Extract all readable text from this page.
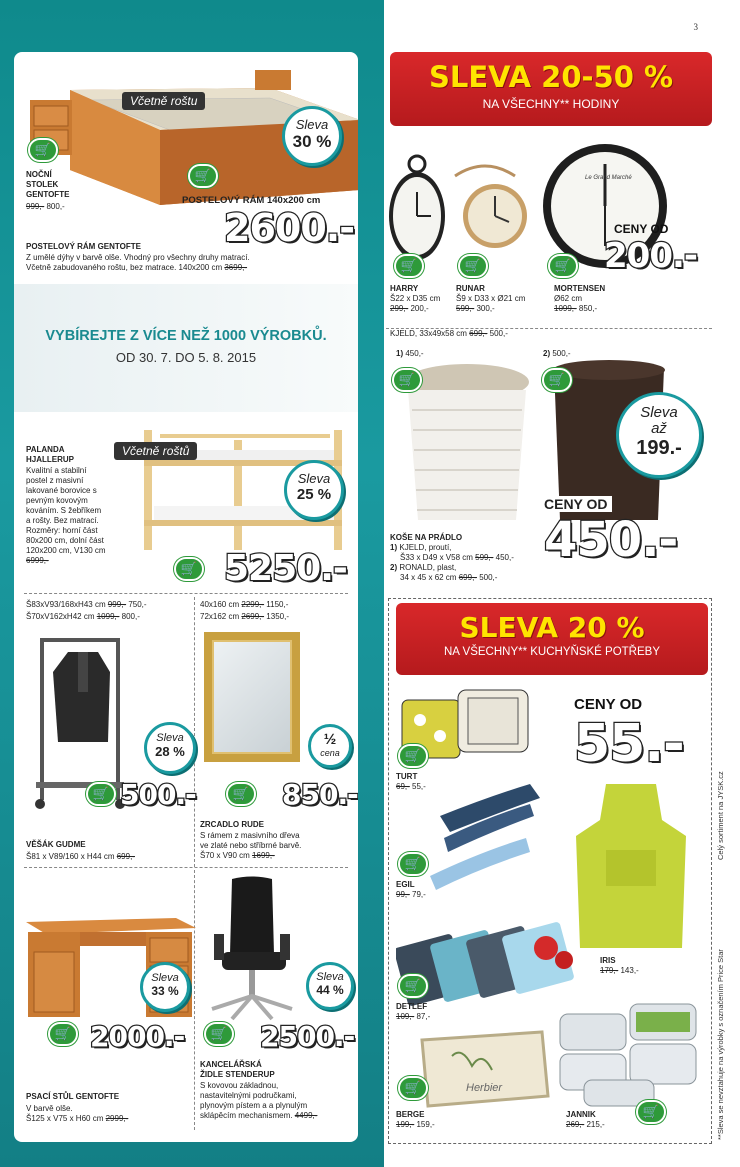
3
Včetně roštu
Sleva
30 %
🛒
🛒
NOČNÍ
STOLEK
GENTOFTE
999,- 800,-
POSTELOVÝ RÁM 140x200 cm
2600.-
POSTELOVÝ RÁM GENTOFTE
Z umělé dýhy v barvě olše. Vhodný pro všechny druhy matrací.
Včetně zabudovaného roštu, bez matrace. 140x200 cm 3699,-
VYBÍREJTE Z VÍCE NEŽ 1000 VÝROBKŮ.
OD 30. 7. DO 5. 8. 2015
Včetně roštů
Sleva
25 %
PALANDA
HJALLERUP
Kvalitní a stabilní
postel z masivní
lakované borovice s
pevným kovovým
kováním. S žebříkem
a rošty. Bez matrací.
Rozměry: horní část
80x200 cm, dolní část
120x200 cm, V130 cm
6999,-
🛒 5250.-
Š83xV93/168xH43 cm 999,- 750,-
Š70xV162xH42 cm 1099,- 800,-
40x160 cm 2299,- 1150,-
72x162 cm 2699,- 1350,-
🛒
Sleva
28 %
500.-
VĚŠÁK GUDME
Š81 x V89/160 x H44 cm 699,-
½
cena
🛒 850.-
ZRCADLO RUDE
S rámem z masivního dřeva
ve zlaté nebo stříbrné barvě.
Š70 x V90 cm 1699,-
Sleva
33 %
🛒 2000.-
PSACÍ STŮL GENTOFTE
V barvě olše.
Š125 x V75 x H60 cm 2999,-
Sleva
44 %
🛒 2500.-
KANCELÁŘSKÁ
ŽIDLE STENDERUP
S kovovou základnou,
nastavitelnými područkami,
plynovým pístem a a plynulým
sklápěcím mechanismem. 4499,-
SLEVA 20-50 %
NA VŠECHNY** HODINY
Le Grand Marché
🛒	🛒	🛒
CENY OD
200.-
HARRY
Š22 x D35 cm
299,- 200,-
RUNAR
Š9 x D33 x Ø21 cm
599,- 300,-
MORTENSEN
Ø62 cm
1099,- 850,-
KJELD, 33x49x58 cm 699,- 500,-
1) 450,-	2) 500,-
🛒	🛒
Sleva
až
199.-
CENY OD
450.-
KOŠE NA PRÁDLO
1) KJELD, proutí,
Š33 x D49 x V58 cm 599,- 450,-
2) RONALD, plast,
34 x 45 x 62 cm 699,- 500,-
SLEVA 20 %
NA VŠECHNY** KUCHYŇSKÉ POTŘEBY
CENY OD
55.-
🛒
TURT
69,- 55,-
🛒
EGIL
99,- 79,-
IRIS
179,- 143,-
🛒
DETLEF
109,- 87,-
Herbier
🛒
BERGE
199,- 159,-
🛒
JANNIK
269,- 215,-
Celý sortiment na JYSK.cz
**Sleva se nevztahuje na výrobky s označením Price Star
